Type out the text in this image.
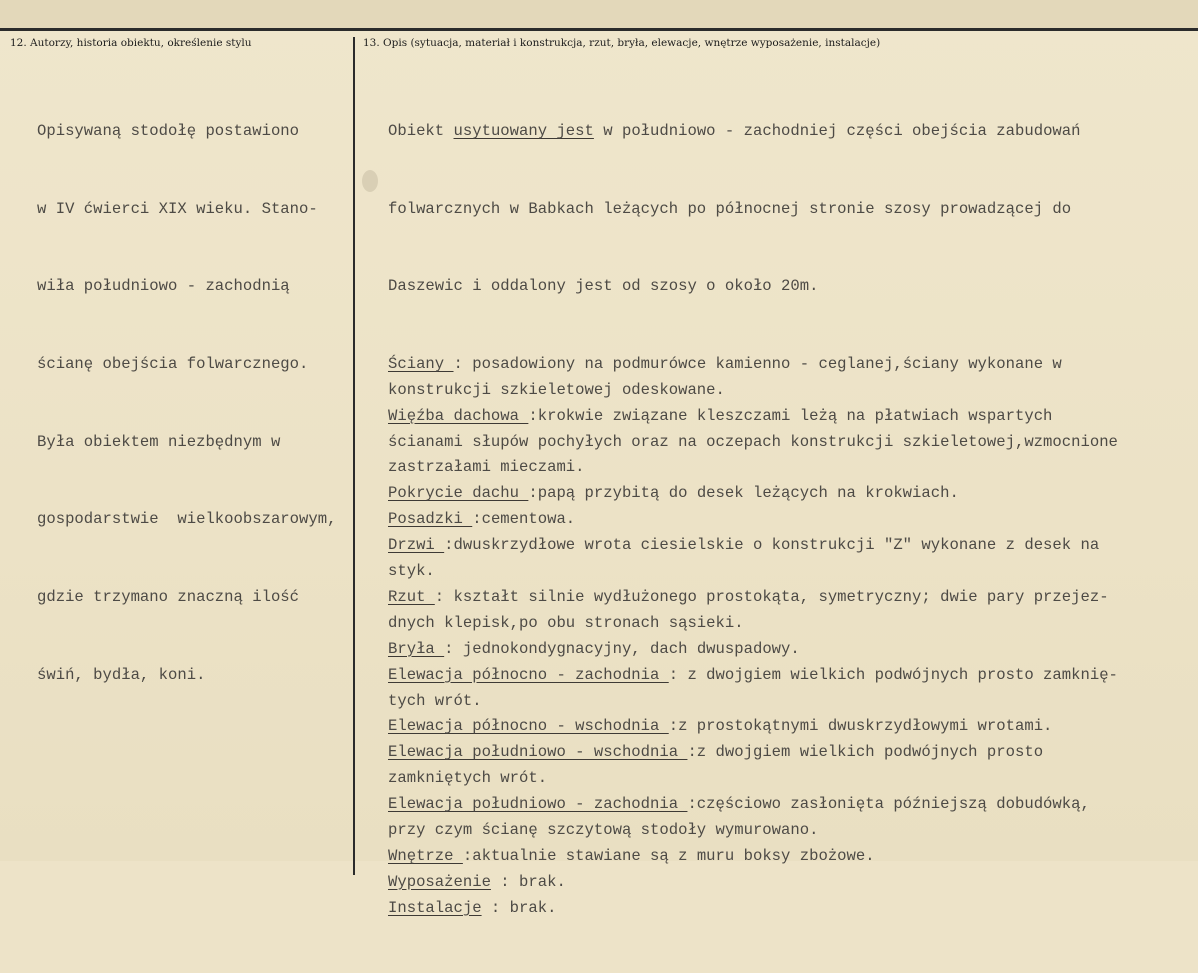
12. Autorzy, historia obiektu, określenie stylu	13. Opis (sytuacja, materiał i konstrukcja, rzut, bryła, elewacje, wnętrze wyposażenie, instalacje)

Opisywaną stodołę postawiono

w IV ćwierci XIX wieku. Stano-

wiła południowo - zachodnią

ścianę obejścia folwarcznego.

Była obiektem niezbędnym w

gospodarstwie  wielkoobszarowym,

gdzie trzymano znaczną ilość

świń, bydła, koni.

Obiekt usytuowany jest w południowo - zachodniej części obejścia zabudowań

folwarcznych w Babkach leżących po północnej stronie szosy prowadzącej do

Daszewic i oddalony jest od szosy o około 20m.

Ściany : posadowiony na podmurówce kamienno - ceglanej,ściany wykonane w
konstrukcji szkieletowej odeskowane.
Więźba dachowa :krokwie związane kleszczami leżą na płatwiach wspartych
ścianami słupów pochyłych oraz na oczepach konstrukcji szkieletowej,wzmocnione
zastrzałami mieczami.
Pokrycie dachu :papą przybitą do desek leżących na krokwiach.
Posadzki :cementowa.
Drzwi :dwuskrzydłowe wrota ciesielskie o konstrukcji "Z" wykonane z desek na
styk.
Rzut : kształt silnie wydłużonego prostokąta, symetryczny; dwie pary przejez-
dnych klepisk,po obu stronach sąsieki.
Bryła : jednokondygnacyjny, dach dwuspadowy.
Elewacja północno - zachodnia : z dwojgiem wielkich podwójnych prosto zamknię-
tych wrót.
Elewacja północno - wschodnia :z prostokątnymi dwuskrzydłowymi wrotami.
Elewacja południowo - wschodnia :z dwojgiem wielkich podwójnych prosto
zamkniętych wrót.
Elewacja południowo - zachodnia :częściowo zasłonięta późniejszą dobudówką,
przy czym ścianę szczytową stodoły wymurowano.
Wnętrze :aktualnie stawiane są z muru boksy zbożowe.
Wyposażenie : brak.
Instalacje : brak.
